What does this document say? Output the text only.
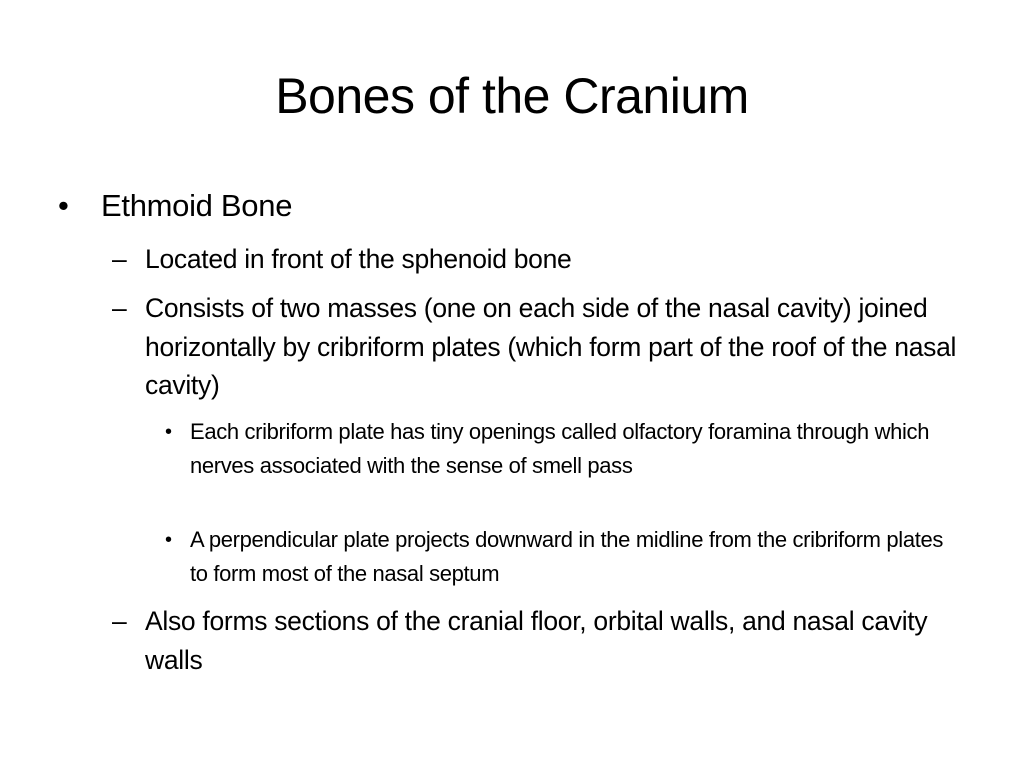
Bones of the Cranium
• Ethmoid Bone
– Located in front of the sphenoid bone
– Consists of two masses (one on each side of the nasal cavity) joined horizontally by cribriform plates (which form part of the roof of the nasal cavity)
• Each cribriform plate has tiny openings called olfactory foramina through which nerves associated with the sense of smell pass
• A perpendicular plate projects downward in the midline from the cribriform plates to form most of the nasal septum
– Also forms sections of the cranial floor, orbital walls, and nasal cavity walls
